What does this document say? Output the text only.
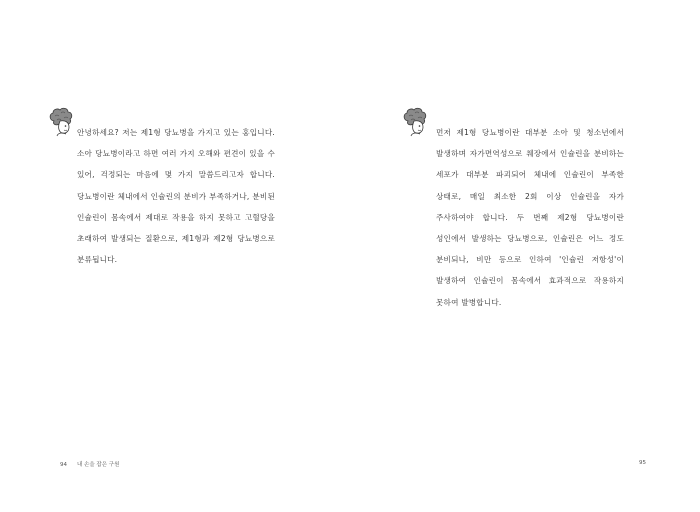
안녕하세요? 저는 제1형 당뇨병을 가지고 있는 홍입니다. 소아 당뇨병이라고 하면 여러 가지 오해와 편견이 있을 수 있어, 걱정되는 마음에 몇 가지 말씀드리고자 합니다. 당뇨병이란 체내에서 인슐린의 분비가 부족하거나, 분비된 인슐린이 몸속에서 제대로 작용을 하지 못하고 고혈당을 초래하여 발생되는 질환으로, 제1형과 제2형 당뇨병으로 분류됩니다.

94 내 손을 잡은 구원

먼저 제1형 당뇨병이란 대부분 소아 및 청소년에서 발생하며 자가면역성으로 췌장에서 인슐린을 분비하는 세포가 대부분 파괴되어 체내에 인슐린이 부족한 상태로, 매일 최소한 2회 이상 인슐린을 자가 주사하여야 합니다. 두 번째 제2형 당뇨병이란 성인에서 발생하는 당뇨병으로, 인슐린은 어느 정도 분비되나, 비만 등으로 인하여 '인슐린 저항성'이 발생하여 인슐린이 몸속에서 효과적으로 작용하지 못하여 발병합니다.

95
